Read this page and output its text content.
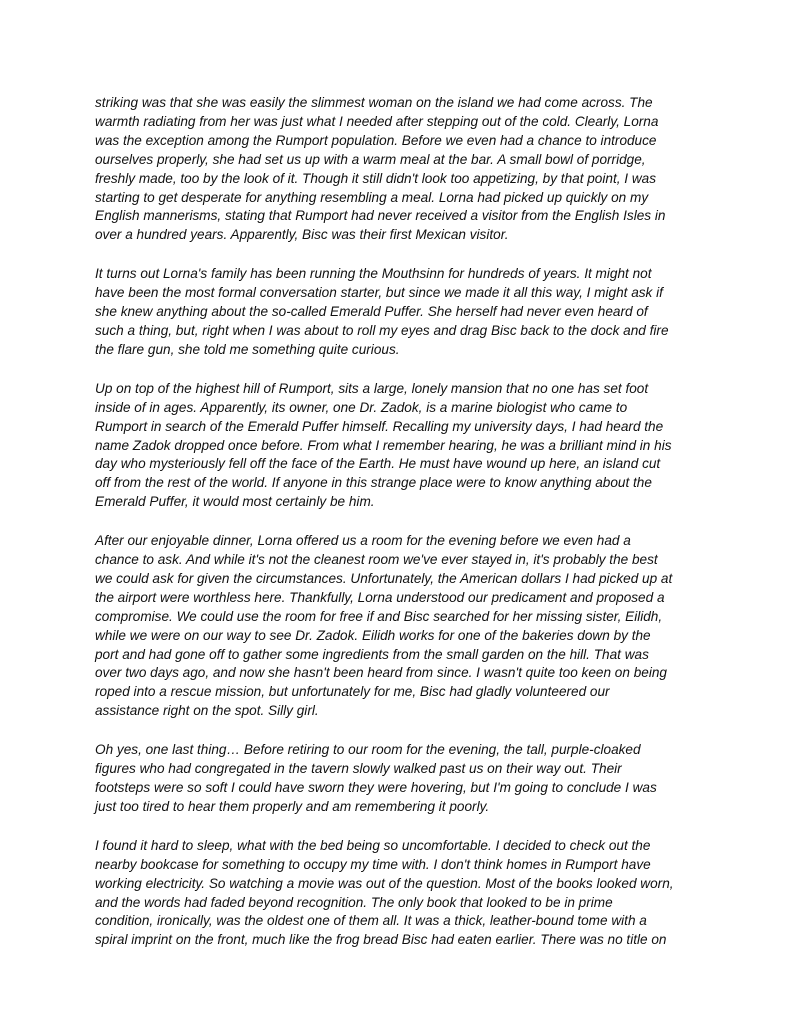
striking was that she was easily the slimmest woman on the island we had come across. The
warmth radiating from her was just what I needed after stepping out of the cold. Clearly, Lorna
was the exception among the Rumport population. Before we even had a chance to introduce
ourselves properly, she had set us up with a warm meal at the bar. A small bowl of porridge,
freshly made, too by the look of it. Though it still didn't look too appetizing, by that point, I was
starting to get desperate for anything resembling a meal. Lorna had picked up quickly on my
English mannerisms, stating that Rumport had never received a visitor from the English Isles in
over a hundred years. Apparently, Bisc was their first Mexican visitor.

It turns out Lorna's family has been running the Mouthsinn for hundreds of years. It might not
have been the most formal conversation starter, but since we made it all this way, I might ask if
she knew anything about the so-called Emerald Puffer. She herself had never even heard of
such a thing, but, right when I was about to roll my eyes and drag Bisc back to the dock and fire
the flare gun, she told me something quite curious.

Up on top of the highest hill of Rumport, sits a large, lonely mansion that no one has set foot
inside of in ages. Apparently, its owner, one Dr. Zadok, is a marine biologist who came to
Rumport in search of the Emerald Puffer himself. Recalling my university days, I had heard the
name Zadok dropped once before. From what I remember hearing, he was a brilliant mind in his
day who mysteriously fell off the face of the Earth. He must have wound up here, an island cut
off from the rest of the world. If anyone in this strange place were to know anything about the
Emerald Puffer, it would most certainly be him.

After our enjoyable dinner, Lorna offered us a room for the evening before we even had a
chance to ask. And while it's not the cleanest room we've ever stayed in, it's probably the best
we could ask for given the circumstances. Unfortunately, the American dollars I had picked up at
the airport were worthless here. Thankfully, Lorna understood our predicament and proposed a
compromise. We could use the room for free if and Bisc searched for her missing sister, Eilidh,
while we were on our way to see Dr. Zadok. Eilidh works for one of the bakeries down by the
port and had gone off to gather some ingredients from the small garden on the hill. That was
over two days ago, and now she hasn't been heard from since. I wasn't quite too keen on being
roped into a rescue mission, but unfortunately for me, Bisc had gladly volunteered our
assistance right on the spot. Silly girl.

Oh yes, one last thing… Before retiring to our room for the evening, the tall, purple-cloaked
figures who had congregated in the tavern slowly walked past us on their way out. Their
footsteps were so soft I could have sworn they were hovering, but I'm going to conclude I was
just too tired to hear them properly and am remembering it poorly.

I found it hard to sleep, what with the bed being so uncomfortable. I decided to check out the
nearby bookcase for something to occupy my time with. I don't think homes in Rumport have
working electricity. So watching a movie was out of the question. Most of the books looked worn,
and the words had faded beyond recognition. The only book that looked to be in prime
condition, ironically, was the oldest one of them all. It was a thick, leather-bound tome with a
spiral imprint on the front, much like the frog bread Bisc had eaten earlier. There was no title on
